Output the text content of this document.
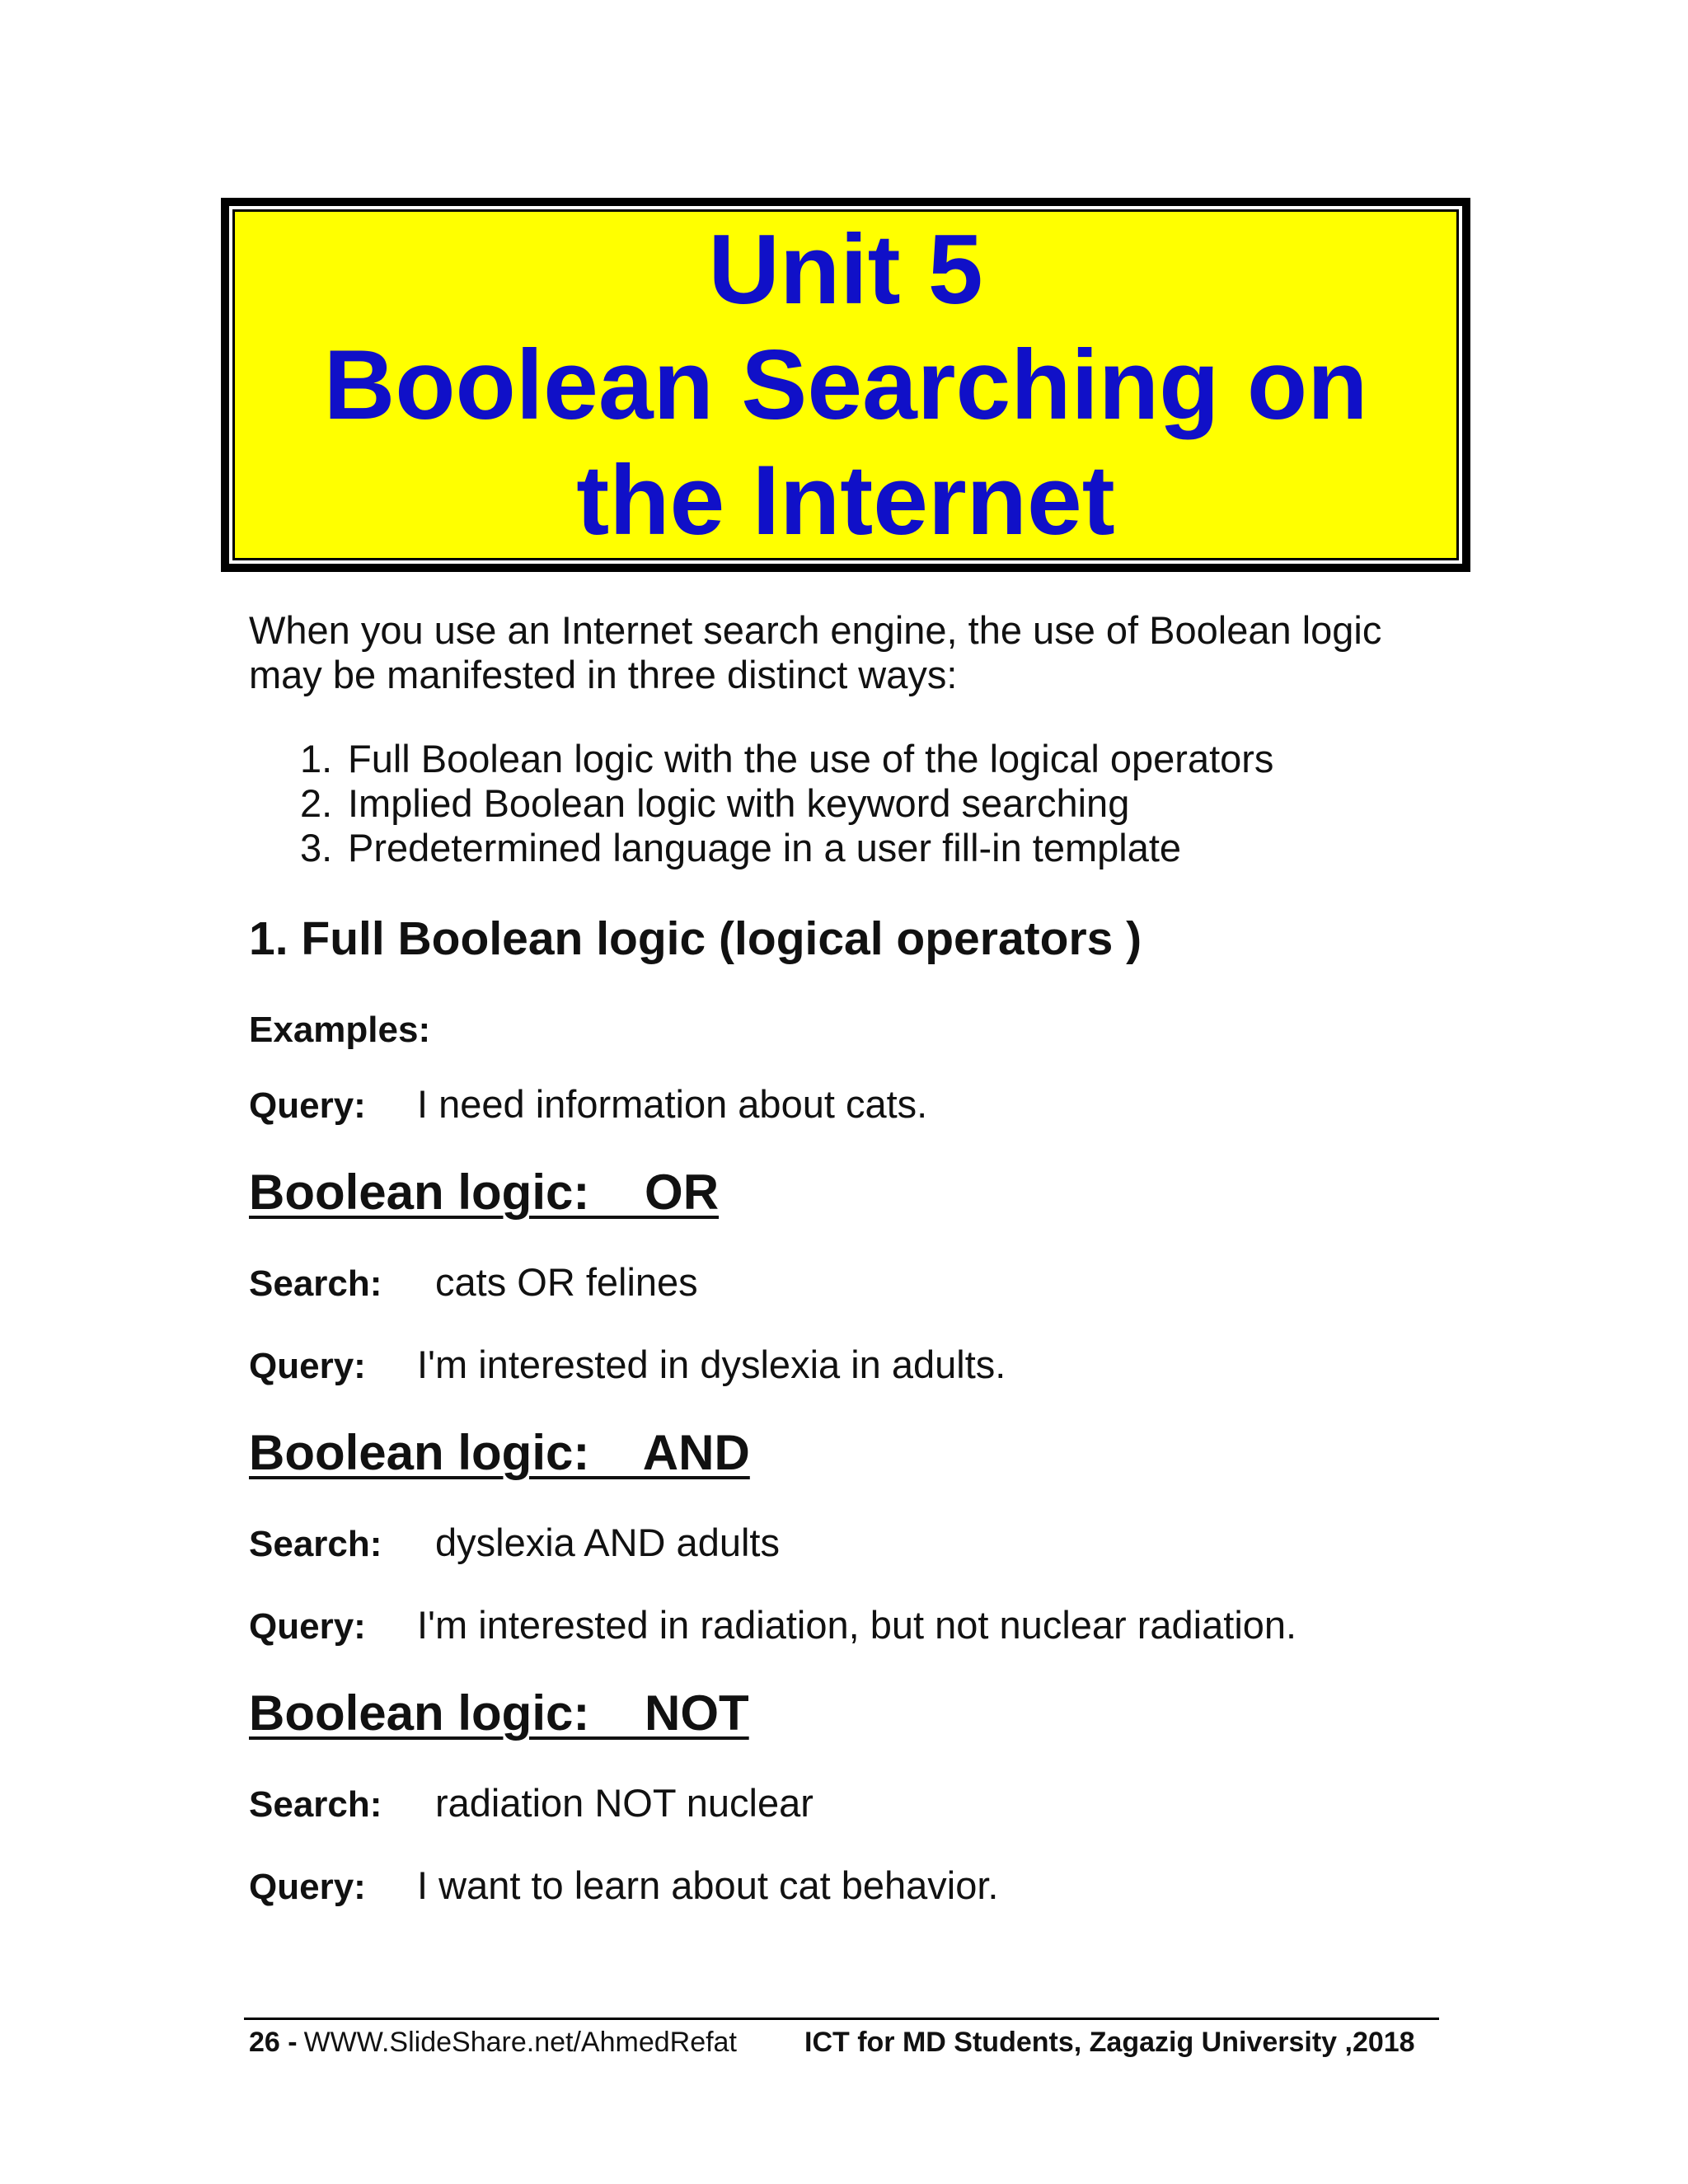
Unit 5
Boolean Searching on
the Internet

When you use an Internet search engine, the use of Boolean logic

may be manifested in three distinct ways:

1. Full Boolean logic with the use of the logical operators
2. Implied Boolean logic with keyword searching
3. Predetermined language in a user fill-in template
1. Full Boolean logic (logical operators )
Examples:
Query: I need information about cats.
Boolean logic:    OR
Search: cats OR felines
Query: I'm interested in dyslexia in adults.
Boolean logic:    AND
Search: dyslexia AND adults
Query: I'm interested in radiation, but not nuclear radiation.
Boolean logic:    NOT
Search: radiation NOT nuclear
Query: I want to learn about cat behavior.
26 - WWW.SlideShare.net/AhmedRefat ICT for MD Students, Zagazig University ,2018
